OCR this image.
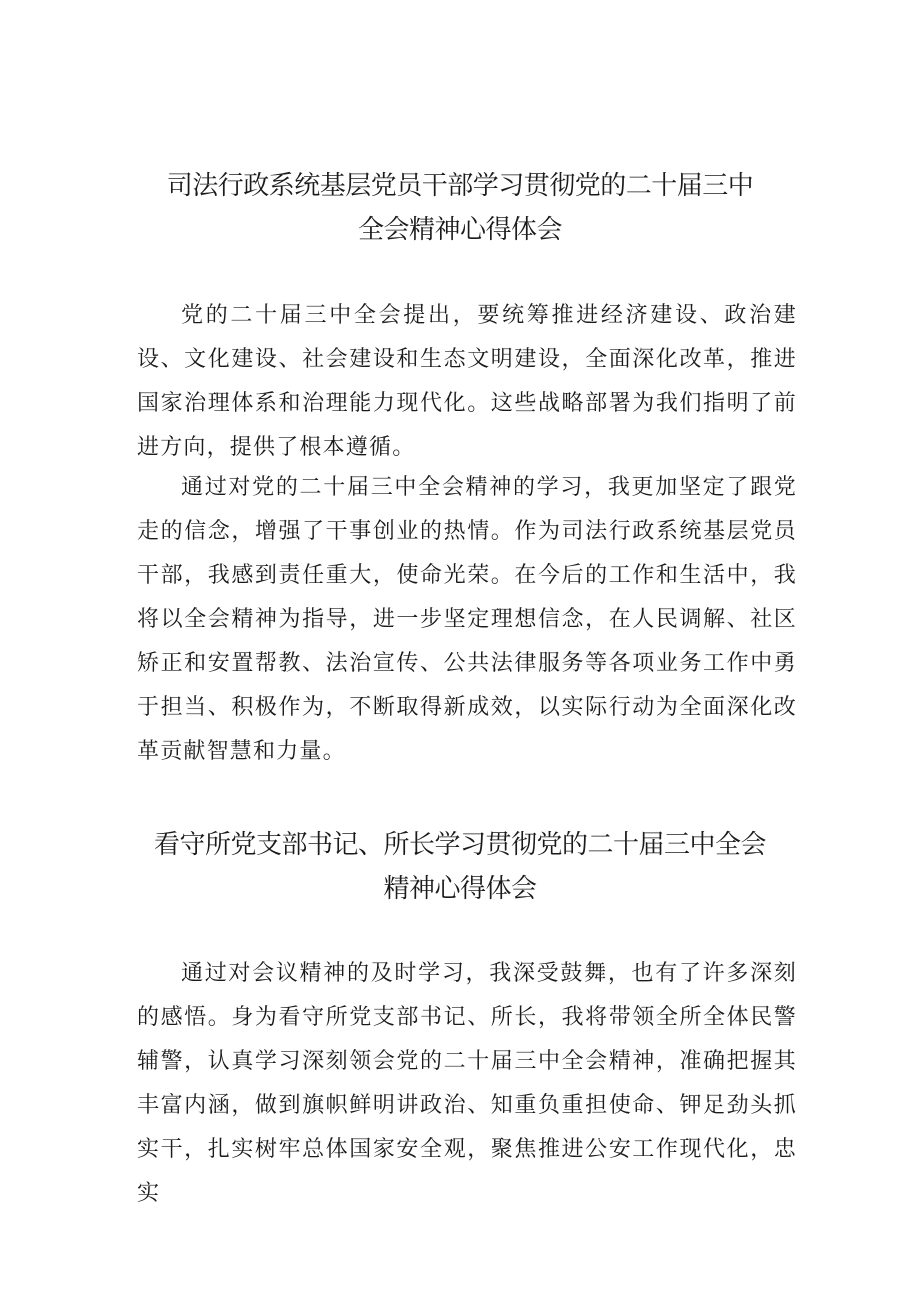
司法行政系统基层党员干部学习贯彻党的二十届三中
全会精神心得体会

党的二十届三中全会提出，要统筹推进经济建设、政治建设、文化建设、社会建设和生态文明建设，全面深化改革，推进国家治理体系和治理能力现代化。这些战略部署为我们指明了前进方向，提供了根本遵循。

通过对党的二十届三中全会精神的学习，我更加坚定了跟党走的信念，增强了干事创业的热情。作为司法行政系统基层党员干部，我感到责任重大，使命光荣。在今后的工作和生活中，我将以全会精神为指导，进一步坚定理想信念，在人民调解、社区矫正和安置帮教、法治宣传、公共法律服务等各项业务工作中勇于担当、积极作为，不断取得新成效，以实际行动为全面深化改革贡献智慧和力量。

看守所党支部书记、所长学习贯彻党的二十届三中全会
精神心得体会

通过对会议精神的及时学习，我深受鼓舞，也有了许多深刻的感悟。身为看守所党支部书记、所长，我将带领全所全体民警辅警，认真学习深刻领会党的二十届三中全会精神，准确把握其丰富内涵，做到旗帜鲜明讲政治、知重负重担使命、钾足劲头抓实干，扎实树牢总体国家安全观，聚焦推进公安工作现代化，忠实
